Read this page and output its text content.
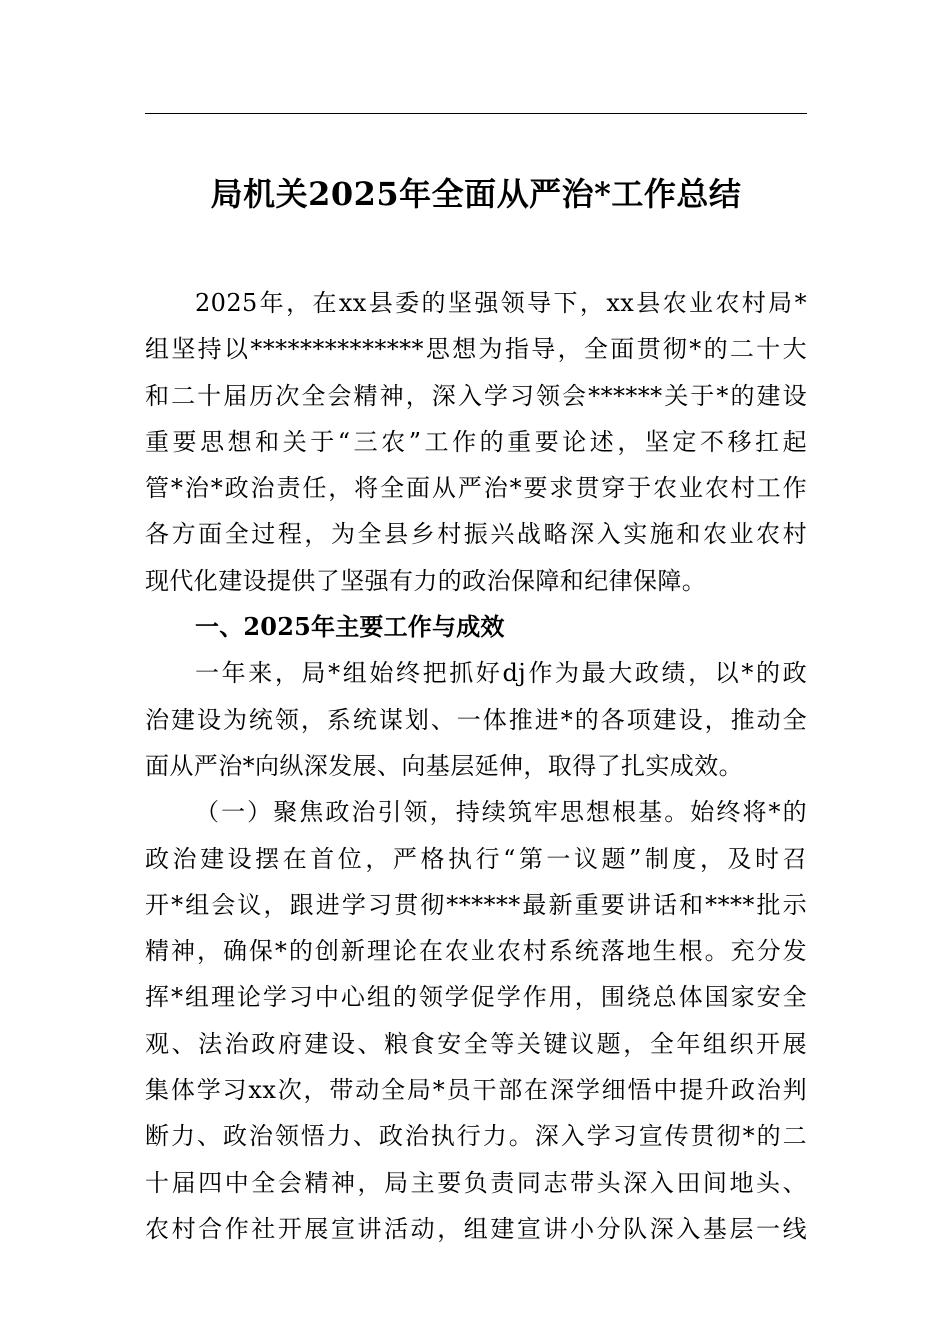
局机关2025年全面从严治*工作总结
2025年，在xx县委的坚强领导下，xx县农业农村局*
组坚持以**************思想为指导，全面贯彻*的二十大
和二十届历次全会精神，深入学习领会******关于*的建设
重要思想和关于“三农”工作的重要论述，坚定不移扛起
管*治*政治责任，将全面从严治*要求贯穿于农业农村工作
各方面全过程，为全县乡村振兴战略深入实施和农业农村
现代化建设提供了坚强有力的政治保障和纪律保障。
一、2025年主要工作与成效
一年来，局*组始终把抓好dj作为最大政绩，以*的政
治建设为统领，系统谋划、一体推进*的各项建设，推动全
面从严治*向纵深发展、向基层延伸，取得了扎实成效。
（一）聚焦政治引领，持续筑牢思想根基。始终将*的
政治建设摆在首位，严格执行“第一议题”制度，及时召
开*组会议，跟进学习贯彻******最新重要讲话和****批示
精神，确保*的创新理论在农业农村系统落地生根。充分发
挥*组理论学习中心组的领学促学作用，围绕总体国家安全
观、法治政府建设、粮食安全等关键议题，全年组织开展
集体学习xx次，带动全局*员干部在深学细悟中提升政治判
断力、政治领悟力、政治执行力。深入学习宣传贯彻*的二
十届四中全会精神，局主要负责同志带头深入田间地头、
农村合作社开展宣讲活动，组建宣讲小分队深入基层一线
